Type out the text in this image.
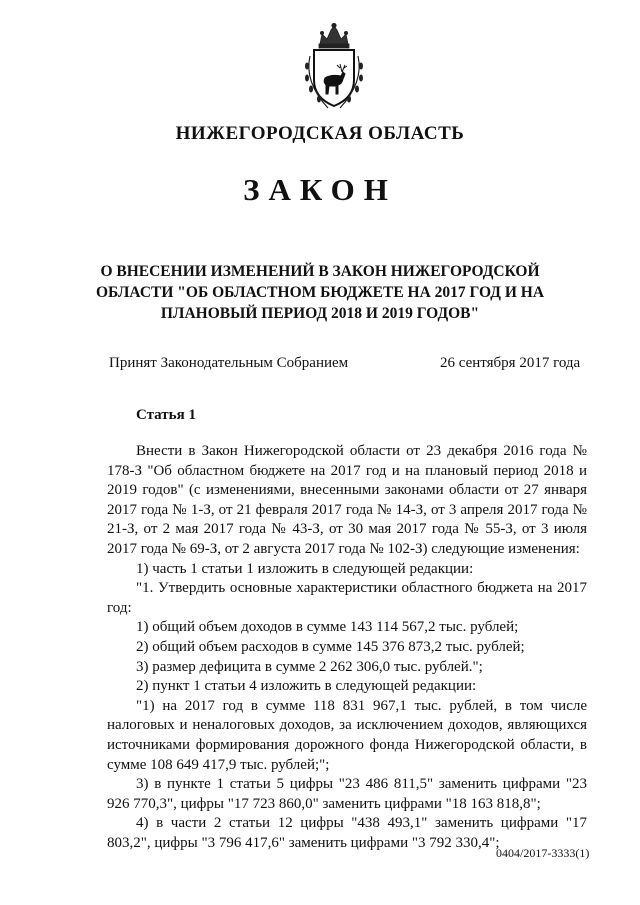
НИЖЕГОРОДСКАЯ ОБЛАСТЬ
ЗАКОН
О ВНЕСЕНИИ ИЗМЕНЕНИЙ В ЗАКОН НИЖЕГОРОДСКОЙ
ОБЛАСТИ "ОБ ОБЛАСТНОМ БЮДЖЕТЕ НА 2017 ГОД И НА
ПЛАНОВЫЙ ПЕРИОД 2018 И 2019 ГОДОВ"
Принят Законодательным Собранием	26 сентября 2017 года
Статья 1

Внести в Закон Нижегородской области от 23 декабря 2016 года № 178-З "Об областном бюджете на 2017 год и на плановый период 2018 и 2019 годов" (с изменениями, внесенными законами области от 27 января 2017 года № 1-З, от 21 февраля 2017 года № 14-З, от 3 апреля 2017 года № 21-З, от 2 мая 2017 года № 43-З, от 30 мая 2017 года № 55-З, от 3 июля 2017 года № 69-З, от 2 августа 2017 года № 102-З) следующие изменения:

1) часть 1 статьи 1 изложить в следующей редакции:

"1. Утвердить основные характеристики областного бюджета на 2017 год:

1) общий объем доходов в сумме 143 114 567,2 тыс. рублей;

2) общий объем расходов в сумме 145 376 873,2 тыс. рублей;

3) размер дефицита в сумме 2 262 306,0 тыс. рублей.";

2) пункт 1 статьи 4 изложить в следующей редакции:

"1) на 2017 год в сумме 118 831 967,1 тыс. рублей, в том числе налоговых и неналоговых доходов, за исключением доходов, являющихся источниками формирования дорожного фонда Нижегородской области, в сумме 108 649 417,9 тыс. рублей;";

3) в пункте 1 статьи 5 цифры "23 486 811,5" заменить цифрами "23 926 770,3", цифры "17 723 860,0" заменить цифрами "18 163 818,8";

4) в части 2 статьи 12 цифры "438 493,1" заменить цифрами "17 803,2", цифры "3 796 417,6" заменить цифрами "3 792 330,4";

0404/2017-3333(1)
